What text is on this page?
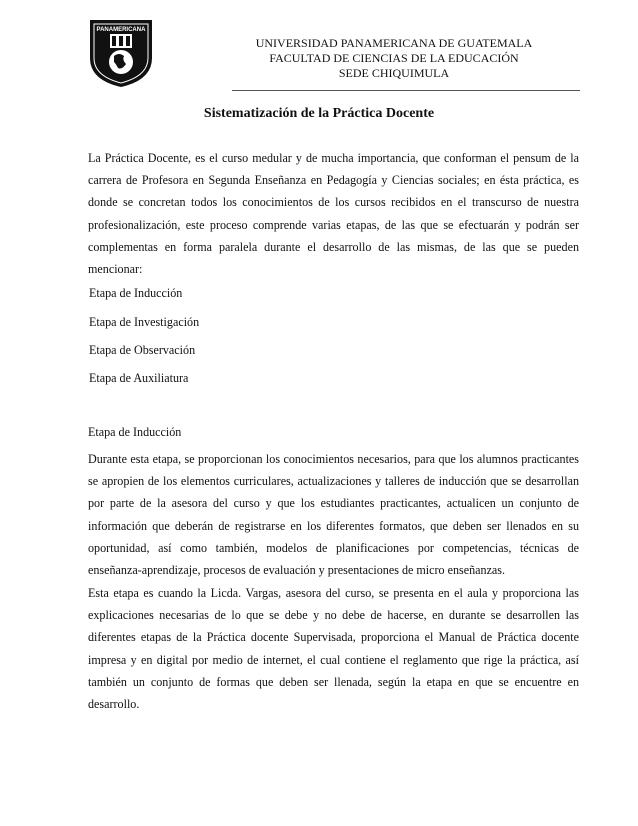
PANAMERICANA
UNIVERSIDAD PANAMERICANA DE GUATEMALA
FACULTAD DE CIENCIAS DE LA EDUCACIÓN
SEDE CHIQUIMULA
Sistematización de la Práctica Docente
La Práctica Docente, es el curso medular y de mucha importancia, que conforman el pensum de la carrera de Profesora en Segunda Enseñanza en Pedagogía y Ciencias sociales; en ésta práctica, es donde se concretan todos los conocimientos de los cursos recibidos en el transcurso de nuestra profesionalización, este proceso comprende varias etapas, de las que se efectuarán y podrán ser complementas en forma paralela durante el desarrollo de las mismas, de las que se pueden mencionar:
Etapa de Inducción
Etapa de Investigación
Etapa de Observación
Etapa de Auxiliatura
Etapa de Inducción
Durante esta etapa, se proporcionan los conocimientos necesarios, para que los alumnos practicantes se apropien de los elementos curriculares, actualizaciones y talleres de inducción que se desarrollan por parte de la asesora del curso y que los estudiantes practicantes, actualicen un conjunto de información que deberán de registrarse en los diferentes formatos, que deben ser llenados en su oportunidad, así como también, modelos de planificaciones por competencias, técnicas de enseñanza-aprendizaje, procesos de evaluación y presentaciones de micro enseñanzas.
Esta etapa es cuando la Licda. Vargas, asesora del curso, se presenta en el aula y proporciona las explicaciones necesarias de lo que se debe y no debe de hacerse, en durante se desarrollen las diferentes etapas de la Práctica docente Supervisada, proporciona el Manual de Práctica docente impresa y en digital por medio de internet, el cual contiene el reglamento que rige la práctica, así también un conjunto de formas que deben ser llenada, según la etapa en que se encuentre en desarrollo.
